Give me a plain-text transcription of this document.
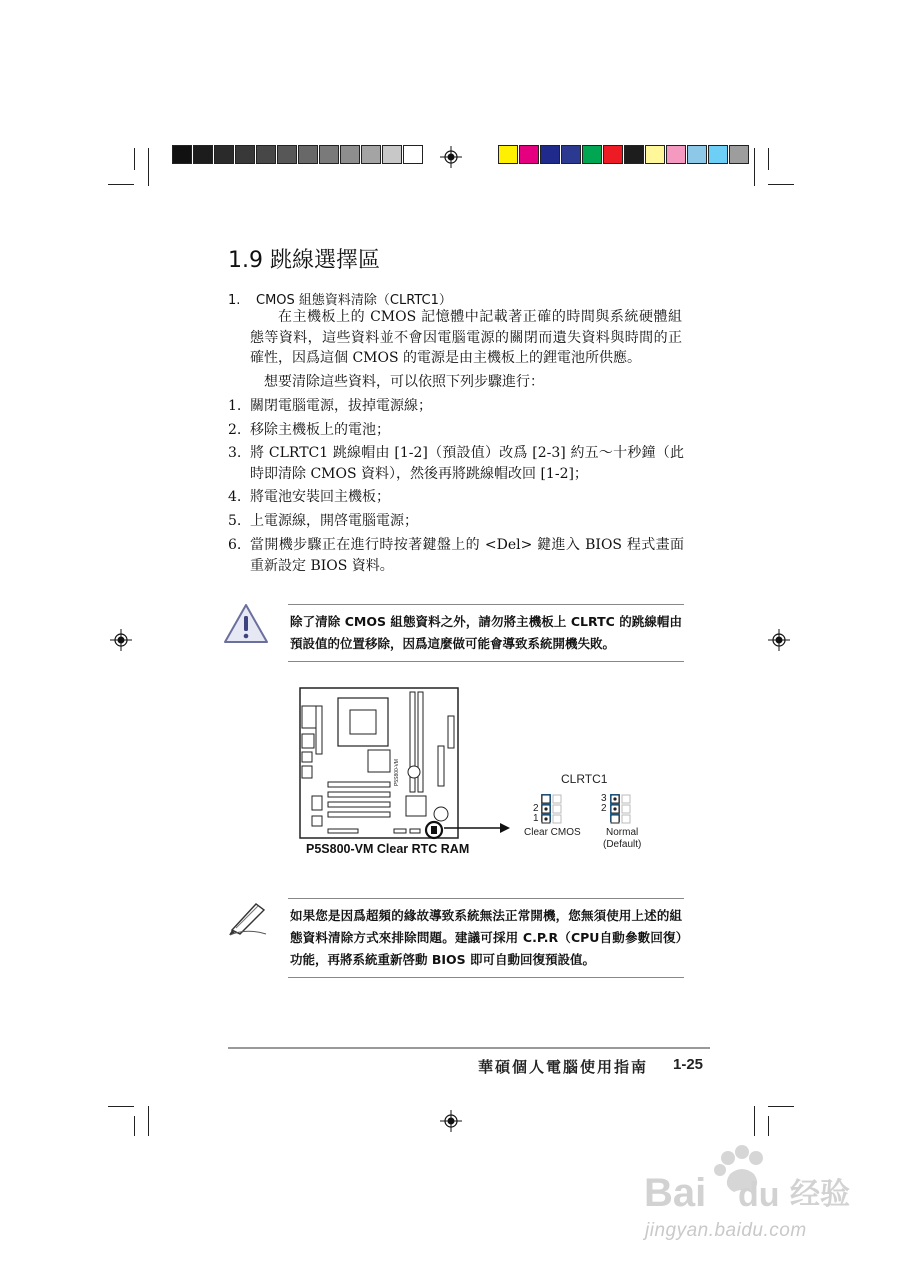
1.9 跳線選擇區
1. CMOS 組態資料清除（CLRTC1）
在主機板上的 CMOS 記憶體中記載著正確的時間與系統硬體組態等資料，這些資料並不會因電腦電源的關閉而遺失資料與時間的正確性，因爲這個 CMOS 的電源是由主機板上的鋰電池所供應。
想要清除這些資料，可以依照下列步驟進行：
1. 關閉電腦電源，拔掉電源線；
2. 移除主機板上的電池；
3. 將 CLRTC1 跳線帽由 [1-2]（預設值）改爲 [2-3] 約五～十秒鐘（此時即清除 CMOS 資料），然後再將跳線帽改回 [1-2]；
4. 將電池安裝回主機板；
5. 上電源線，開啓電腦電源；
6. 當開機步驟正在進行時按著鍵盤上的 <Del> 鍵進入 BIOS 程式畫面重新設定 BIOS 資料。
除了清除 CMOS 組態資料之外，請勿將主機板上 CLRTC 的跳線帽由預設值的位置移除，因爲這麼做可能會導致系統開機失敗。
P5S800-VM	CLRTC1
2
1
3
2
Clear CMOS	Normal
(Default)
P5S800-VM Clear RTC RAM
如果您是因爲超頻的緣故導致系統無法正常開機，您無須使用上述的組態資料清除方式來排除問題。建議可採用 C.P.R（CPU自動參數回復）功能，再將系統重新啓動 BIOS 即可自動回復預設值。
華碩個人電腦使用指南 1-25
Bai du 经验
jingyan.baidu.com
